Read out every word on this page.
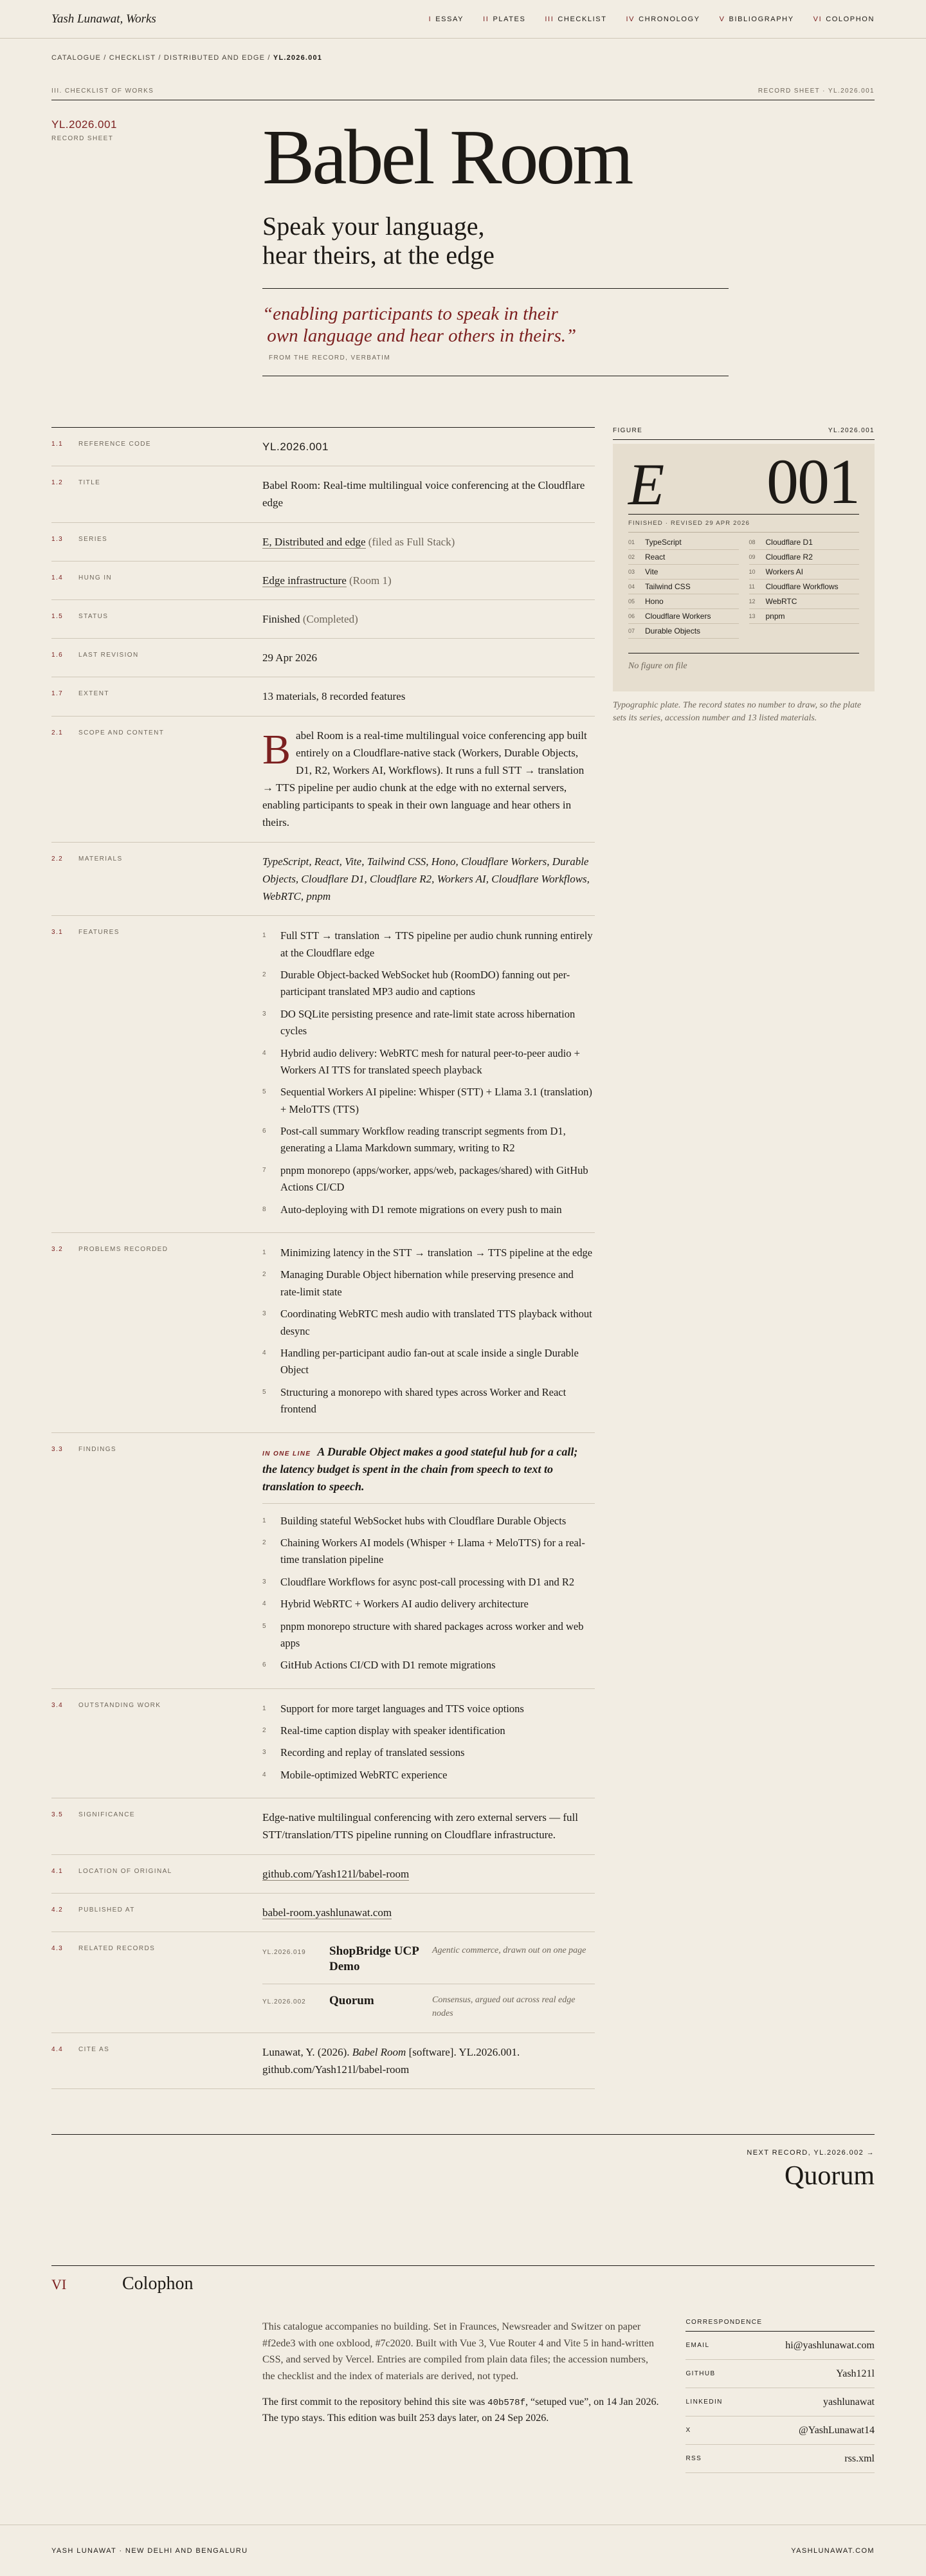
Yash Lunawat, Works	I ESSAY	II PLATES	III CHECKLIST	IV CHRONOLOGY	V BIBLIOGRAPHY	VI COLOPHON
CATALOGUE / CHECKLIST / DISTRIBUTED AND EDGE / YL.2026.001
III. CHECKLIST OF WORKS	RECORD SHEET · YL.2026.001
YL.2026.001
RECORD SHEET	Babel Room
Speak your language,
hear theirs, at the edge
“enabling participants to speak in their
own language and hear others in theirs.”
FROM THE RECORD, VERBATIM
1.1 REFERENCE CODE	YL.2026.001
1.2 TITLE	Babel Room: Real-time multilingual voice conferencing at the Cloudflare edge
1.3 SERIES	E, Distributed and edge (filed as Full Stack)
1.4 HUNG IN	Edge infrastructure (Room 1)
1.5 STATUS	Finished (Completed)
1.6 LAST REVISION	29 Apr 2026
1.7 EXTENT	13 materials, 8 recorded features
2.1 SCOPE AND CONTENT	Babel Room is a real-time multilingual voice conferencing app built entirely on a Cloudflare-native stack (Workers, Durable Objects, D1, R2, Workers AI, Workflows). It runs a full STT → translation → TTS pipeline per audio chunk at the edge with no external servers, enabling participants to speak in their own language and hear others in theirs.
2.2 MATERIALS	TypeScript, React, Vite, Tailwind CSS, Hono, Cloudflare Workers, Durable Objects, Cloudflare D1, Cloudflare R2, Workers AI, Cloudflare Workflows, WebRTC, pnpm
3.1 FEATURES	1	Full STT → translation → TTS pipeline per audio chunk running entirely at the Cloudflare edge
2	Durable Object-backed WebSocket hub (RoomDO) fanning out per-participant translated MP3 audio and captions
3	DO SQLite persisting presence and rate-limit state across hibernation cycles
4	Hybrid audio delivery: WebRTC mesh for natural peer-to-peer audio + Workers AI TTS for translated speech playback
5	Sequential Workers AI pipeline: Whisper (STT) + Llama 3.1 (translation) + MeloTTS (TTS)
6	Post-call summary Workflow reading transcript segments from D1, generating a Llama Markdown summary, writing to R2
7	pnpm monorepo (apps/worker, apps/web, packages/shared) with GitHub Actions CI/CD
8	Auto-deploying with D1 remote migrations on every push to main
3.2 PROBLEMS RECORDED	1	Minimizing latency in the STT → translation → TTS pipeline at the edge
2	Managing Durable Object hibernation while preserving presence and rate-limit state
3	Coordinating WebRTC mesh audio with translated TTS playback without desync
4	Handling per-participant audio fan-out at scale inside a single Durable Object
5	Structuring a monorepo with shared types across Worker and React frontend
3.3 FINDINGS
IN ONE LINE A Durable Object makes a good stateful hub for a call; the latency budget is spent in the chain from speech to text to translation to speech.
1	Building stateful WebSocket hubs with Cloudflare Durable Objects
2	Chaining Workers AI models (Whisper + Llama + MeloTTS) for a real-time translation pipeline
3	Cloudflare Workflows for async post-call processing with D1 and R2
4	Hybrid WebRTC + Workers AI audio delivery architecture
5	pnpm monorepo structure with shared packages across worker and web apps
6	GitHub Actions CI/CD with D1 remote migrations
3.4 OUTSTANDING WORK	1	Support for more target languages and TTS voice options
2	Real-time caption display with speaker identification
3	Recording and replay of translated sessions
4	Mobile-optimized WebRTC experience
3.5 SIGNIFICANCE	Edge-native multilingual conferencing with zero external servers — full STT/translation/TTS pipeline running on Cloudflare infrastructure.
4.1 LOCATION OF ORIGINAL	github.com/Yash121l/babel-room
4.2 PUBLISHED AT	babel-room.yashlunawat.com
4.3 RELATED RECORDS
YL.2026.019	ShopBridge UCP Demo
Agentic commerce, drawn out on one page
YL.2026.002	Quorum	Consensus, argued out across real edge nodes
4.4 CITE AS	Lunawat, Y. (2026). Babel Room [software]. YL.2026.001.
github.com/Yash121l/babel-room
FIGURE	YL.2026.001
E 001
FINISHED · REVISED 29 APR 2026
01	TypeScript
02	React
03	Vite
04	Tailwind CSS
05	Hono
06	Cloudflare Workers
07	Durable Objects
08	Cloudflare D1
09	Cloudflare R2
10	Workers AI
11	Cloudflare Workflows
12	WebRTC
13	pnpm
No figure on file

Typographic plate. The record states no number to draw, so the plate sets its series, accession number and 13 listed materials.

NEXT RECORD, YL.2026.002 →
Quorum
VI	Colophon

This catalogue accompanies no building. Set in Fraunces, Newsreader and Switzer on paper #f2ede3 with one oxblood, #7c2020. Built with Vue 3, Vue Router 4 and Vite 5 in hand-written CSS, and served by Vercel. Entries are compiled from plain data files; the accession numbers, the checklist and the index of materials are derived, not typed.

The first commit to the repository behind this site was 40b578f, “setuped vue”, on 14 Jan 2026. The typo stays. This edition was built 253 days later, on 24 Sep 2026.

CORRESPONDENCE
EMAIL	hi@yashlunawat.com
GITHUB	Yash121l
LINKEDIN	yashlunawat
X	@YashLunawat14
RSS	rss.xml
YASH LUNAWAT · NEW DELHI AND BENGALURU	YASHLUNAWAT.COM
